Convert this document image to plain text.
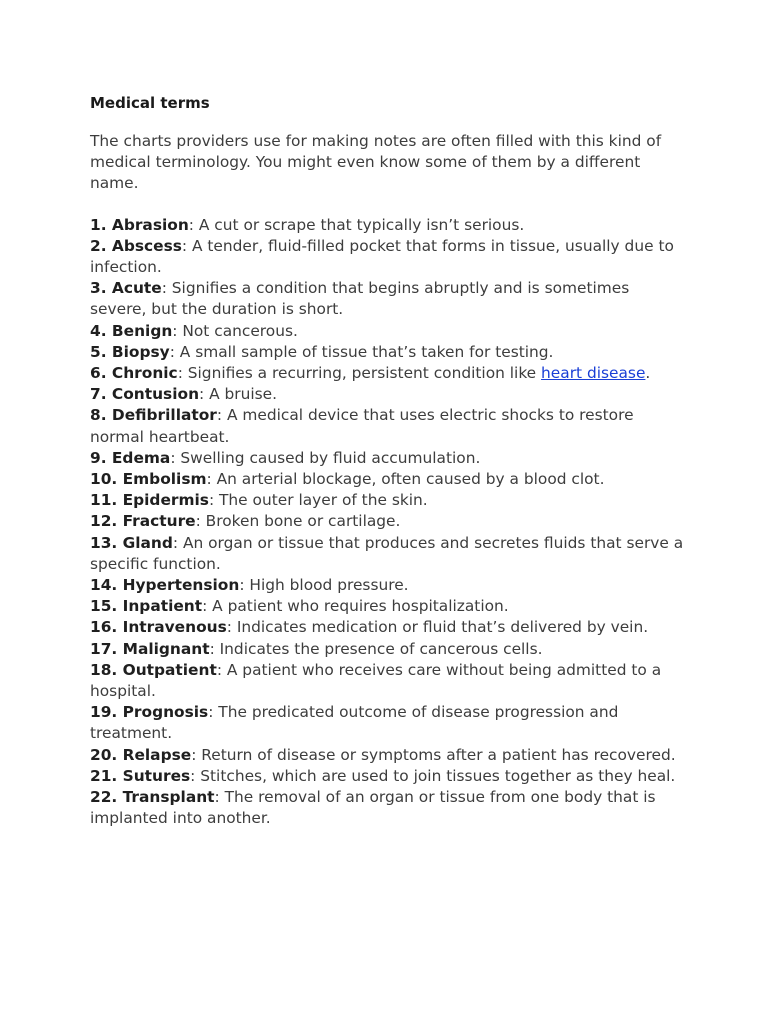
Medical terms

The charts providers use for making notes are often filled with this kind of medical terminology. You might even know some of them by a different name.

1. Abrasion: A cut or scrape that typically isn’t serious.
2. Abscess: A tender, fluid-filled pocket that forms in tissue, usually due to infection.
3. Acute: Signifies a condition that begins abruptly and is sometimes severe, but the duration is short.
4. Benign: Not cancerous.
5. Biopsy: A small sample of tissue that’s taken for testing.
6. Chronic: Signifies a recurring, persistent condition like heart disease.
7. Contusion: A bruise.
8. Defibrillator: A medical device that uses electric shocks to restore normal heartbeat.
9. Edema: Swelling caused by fluid accumulation.
10. Embolism: An arterial blockage, often caused by a blood clot.
11. Epidermis: The outer layer of the skin.
12. Fracture: Broken bone or cartilage.
13. Gland: An organ or tissue that produces and secretes fluids that serve a specific function.
14. Hypertension: High blood pressure.
15. Inpatient: A patient who requires hospitalization.
16. Intravenous: Indicates medication or fluid that’s delivered by vein.
17. Malignant: Indicates the presence of cancerous cells.
18. Outpatient: A patient who receives care without being admitted to a hospital.
19. Prognosis: The predicated outcome of disease progression and treatment.
20. Relapse: Return of disease or symptoms after a patient has recovered.
21. Sutures: Stitches, which are used to join tissues together as they heal.
22. Transplant: The removal of an organ or tissue from one body that is implanted into another.
